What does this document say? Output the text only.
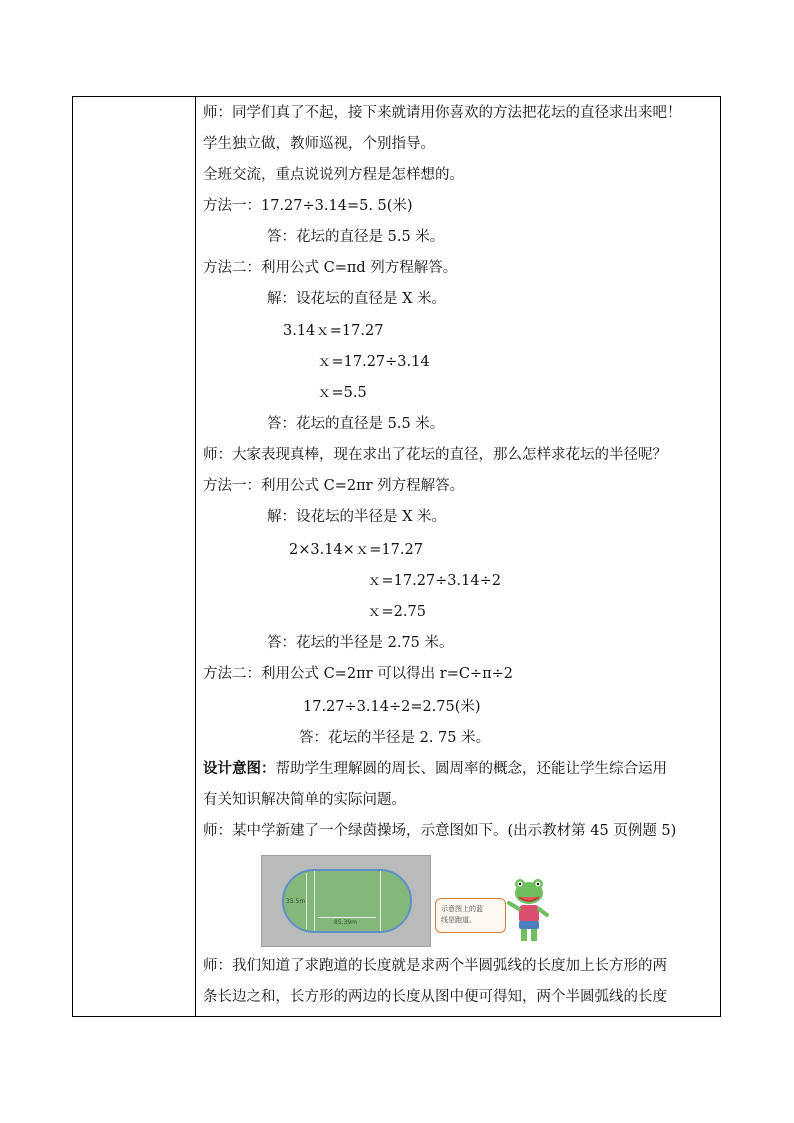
师：同学们真了不起，接下来就请用你喜欢的方法把花坛的直径求出来吧！
学生独立做，教师巡视，个别指导。
全班交流，重点说说列方程是怎样想的。
方法一：17.27÷3.14=5. 5(米)
答：花坛的直径是 5.5 米。
方法二：利用公式 C=πd 列方程解答。
解：设花坛的直径是 X 米。
3.14ｘ=17.27
ｘ=17.27÷3.14
ｘ=5.5
答：花坛的直径是 5.5 米。
师：大家表现真棒，现在求出了花坛的直径，那么怎样求花坛的半径呢？
方法一：利用公式 C=2πr 列方程解答。
解：设花坛的半径是 X 米。
2×3.14×ｘ=17.27
ｘ=17.27÷3.14÷2
ｘ=2.75
答：花坛的半径是 2.75 米。
方法二：利用公式 C=2πr 可以得出 r=C÷π÷2
17.27÷3.14÷2=2.75(米)
答：花坛的半径是 2. 75 米。
设计意图：帮助学生理解圆的周长、圆周率的概念，还能让学生综合运用
有关知识解决简单的实际问题。
师：某中学新建了一个绿茵操场，示意图如下。(出示教材第 45 页例题 5)
师：我们知道了求跑道的长度就是求两个半圆弧线的长度加上长方形的两
条长边之和，长方形的两边的长度从图中便可得知，两个半圆弧线的长度
35.5m
85.39m
示意图上的蓝
线是跑道。
